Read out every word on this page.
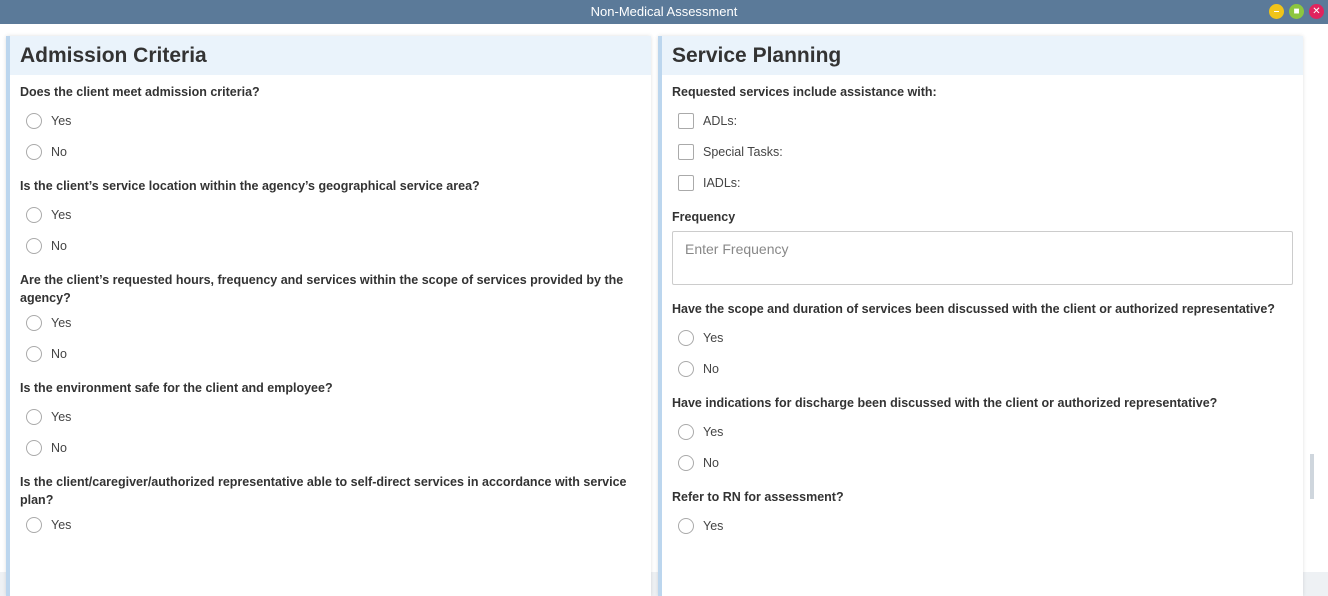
Non-Medical Assessment	–	■	✕
Admission Criteria
Does the client meet admission criteria?
Yes
No
Is the client’s service location within the agency’s geographical service area?
Yes
No
Are the client’s requested hours, frequency and services within the scope of services provided by the agency?
Yes
No
Is the environment safe for the client and employee?
Yes
No
Is the client/caregiver/authorized representative able to self-direct services in accordance with service plan?
Yes
Service Planning
Requested services include assistance with:
ADLs:
Special Tasks:
IADLs:
Frequency
Enter Frequency
Have the scope and duration of services been discussed with the client or authorized representative?
Yes
No
Have indications for discharge been discussed with the client or authorized representative?
Yes
No
Refer to RN for assessment?
Yes
